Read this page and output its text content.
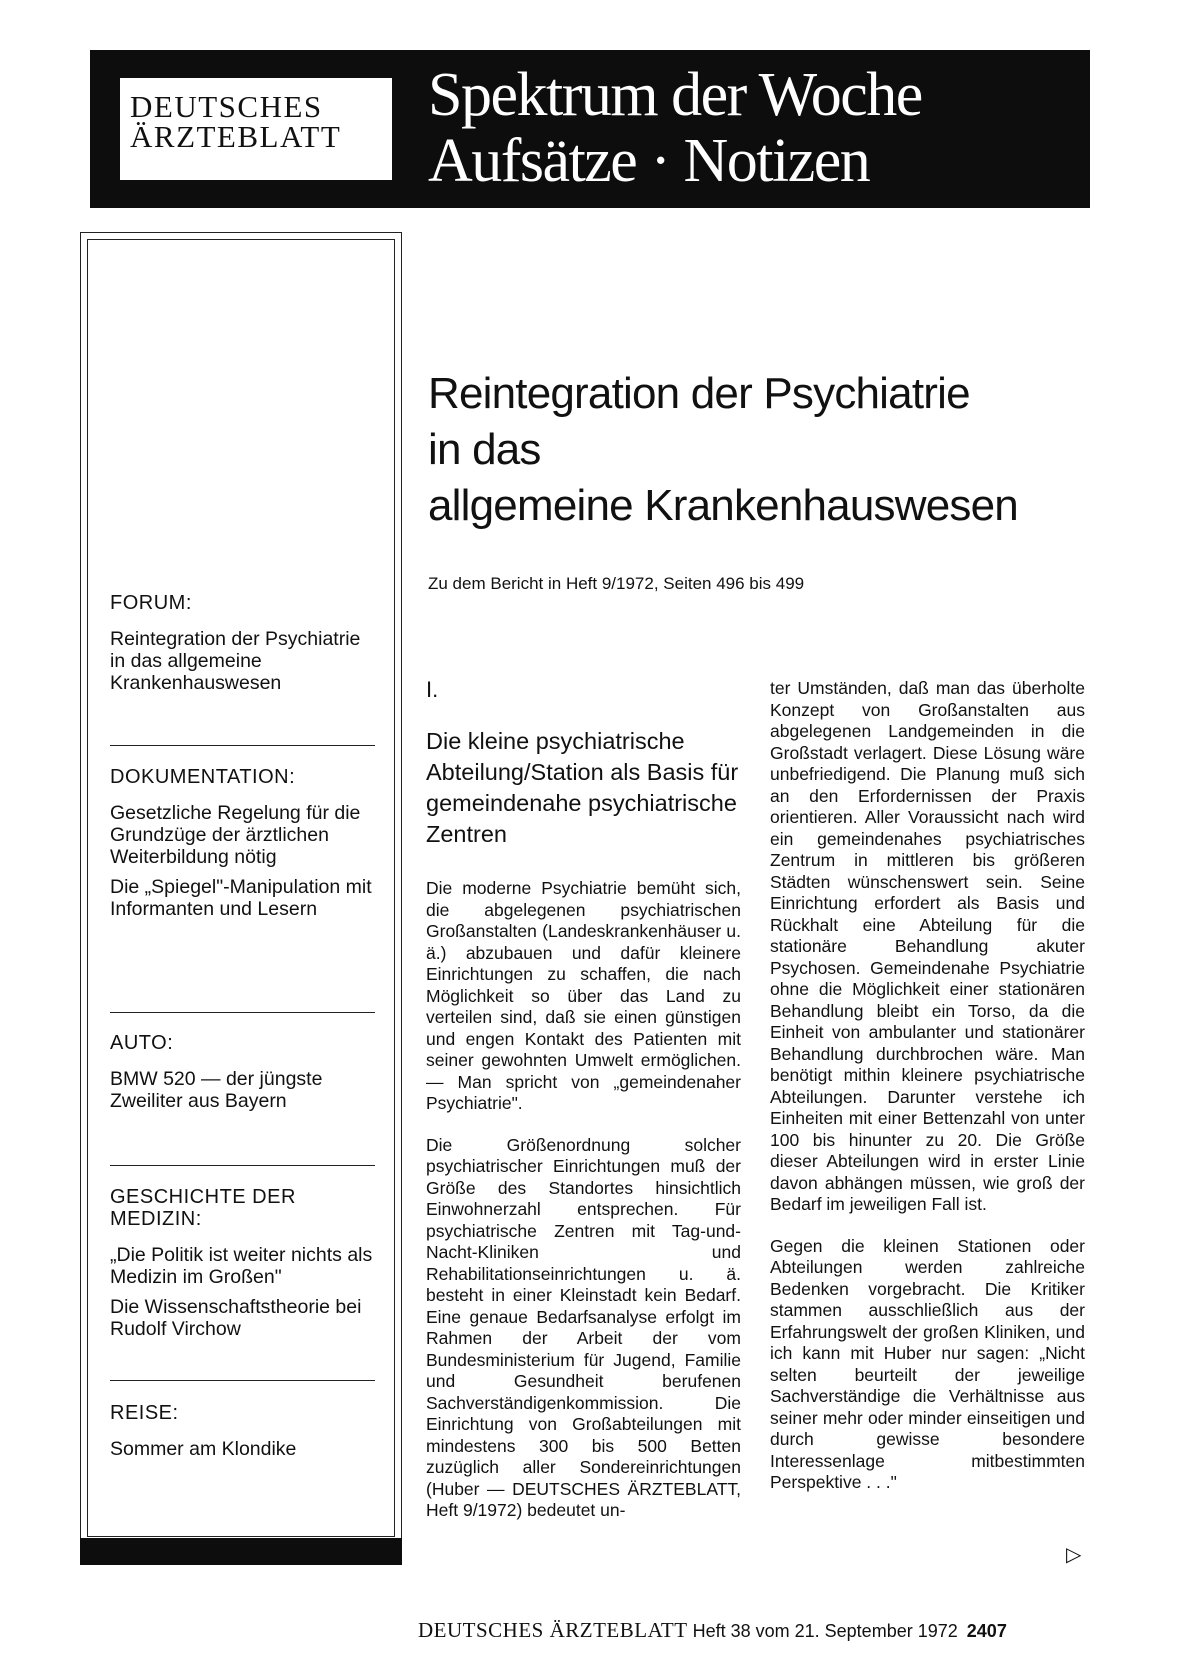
DEUTSCHES
ÄRZTEBLATT
Spektrum der Woche
Aufsätze · Notizen
FORUM:
Reintegration der Psychiatrie in das allgemeine Krankenhauswesen
DOKUMENTATION:
Gesetzliche Regelung für die Grundzüge der ärztlichen Weiterbildung nötig
Die „Spiegel"-Manipulation mit Informanten und Lesern
AUTO:
BMW 520 — der jüngste Zweiliter aus Bayern
GESCHICHTE DER MEDIZIN:
„Die Politik ist weiter nichts als Medizin im Großen"
Die Wissenschaftstheorie bei Rudolf Virchow
REISE:
Sommer am Klondike
Reintegration der Psychiatrie
in das
allgemeine Krankenhauswesen
Zu dem Bericht in Heft 9/1972, Seiten 496 bis 499
I.
Die kleine psychiatrische Abteilung/Station als Basis für gemeindenahe psychiatrische Zentren

Die moderne Psychiatrie bemüht sich, die abgelegenen psychiatrischen Großanstalten (Landeskrankenhäuser u. ä.) abzubauen und dafür kleinere Einrichtungen zu schaffen, die nach Möglichkeit so über das Land zu verteilen sind, daß sie einen günstigen und engen Kontakt des Patienten mit seiner gewohnten Umwelt ermöglichen. — Man spricht von „gemeindenaher Psychiatrie".

Die Größenordnung solcher psychiatrischer Einrichtungen muß der Größe des Standortes hinsichtlich Einwohnerzahl entsprechen. Für psychiatrische Zentren mit Tag-und-Nacht-Kliniken und Rehabilitationseinrichtungen u. ä. besteht in einer Kleinstadt kein Bedarf. Eine genaue Bedarfsanalyse erfolgt im Rahmen der Arbeit der vom Bundesministerium für Jugend, Familie und Gesundheit berufenen Sachverständigenkommission. Die Einrichtung von Großabteilungen mit mindestens 300 bis 500 Betten zuzüglich aller Sondereinrichtungen (Huber — DEUTSCHES ÄRZTEBLATT, Heft 9/1972) bedeutet un-

ter Umständen, daß man das überholte Konzept von Großanstalten aus abgelegenen Landgemeinden in die Großstadt verlagert. Diese Lösung wäre unbefriedigend. Die Planung muß sich an den Erfordernissen der Praxis orientieren. Aller Voraussicht nach wird ein gemeindenahes psychiatrisches Zentrum in mittleren bis größeren Städten wünschenswert sein. Seine Einrichtung erfordert als Basis und Rückhalt eine Abteilung für die stationäre Behandlung akuter Psychosen. Gemeindenahe Psychiatrie ohne die Möglichkeit einer stationären Behandlung bleibt ein Torso, da die Einheit von ambulanter und stationärer Behandlung durchbrochen wäre. Man benötigt mithin kleinere psychiatrische Abteilungen. Darunter verstehe ich Einheiten mit einer Bettenzahl von unter 100 bis hinunter zu 20. Die Größe dieser Abteilungen wird in erster Linie davon abhängen müssen, wie groß der Bedarf im jeweiligen Fall ist.

Gegen die kleinen Stationen oder Abteilungen werden zahlreiche Bedenken vorgebracht. Die Kritiker stammen ausschließlich aus der Erfahrungswelt der großen Kliniken, und ich kann mit Huber nur sagen: „Nicht selten beurteilt der jeweilige Sachverständige die Verhältnisse aus seiner mehr oder minder einseitigen und durch gewisse besondere Interessenlage mitbestimmten Perspektive . . ."

▷
DEUTSCHES ÄRZTEBLATT Heft 38 vom 21. September 1972 2407
